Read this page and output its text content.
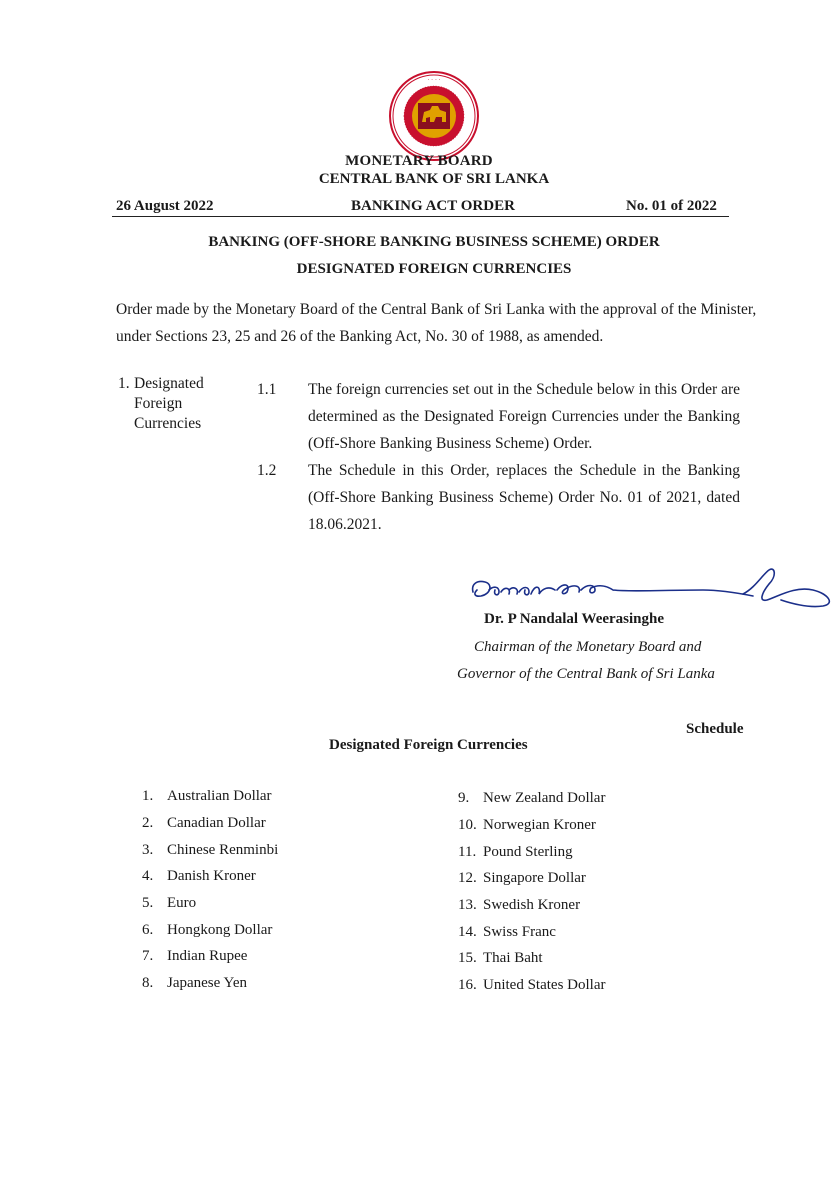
· · · ·
MONETARY BOARD
CENTRAL BANK OF SRI LANKA
26 August 2022	BANKING ACT ORDER	No. 01 of 2022
BANKING (OFF-SHORE BANKING BUSINESS SCHEME) ORDER
DESIGNATED FOREIGN CURRENCIES
Order made by the Monetary Board of the Central Bank of Sri Lanka with the approval of the Minister,
under Sections 23, 25 and 26 of the Banking Act, No. 30 of 1988, as amended.
1. Designated
Foreign
Currencies
1.1 The foreign currencies set out in the Schedule below in this Order are determined as the Designated Foreign Currencies under the Banking (Off-Shore Banking Business Scheme) Order.
1.2 The Schedule in this Order, replaces the Schedule in the Banking (Off-Shore Banking Business Scheme) Order No. 01 of 2021, dated 18.06.2021.
Dr. P Nandalal Weerasinghe
Chairman of the Monetary Board and
Governor of the Central Bank of Sri Lanka
Schedule
Designated Foreign Currencies
1. Australian Dollar
2. Canadian Dollar
3. Chinese Renminbi
4. Danish Kroner
5. Euro
6. Hongkong Dollar
7. Indian Rupee
8. Japanese Yen
9. New Zealand Dollar
10. Norwegian Kroner
11. Pound Sterling
12. Singapore Dollar
13. Swedish Kroner
14. Swiss Franc
15. Thai Baht
16. United States Dollar
